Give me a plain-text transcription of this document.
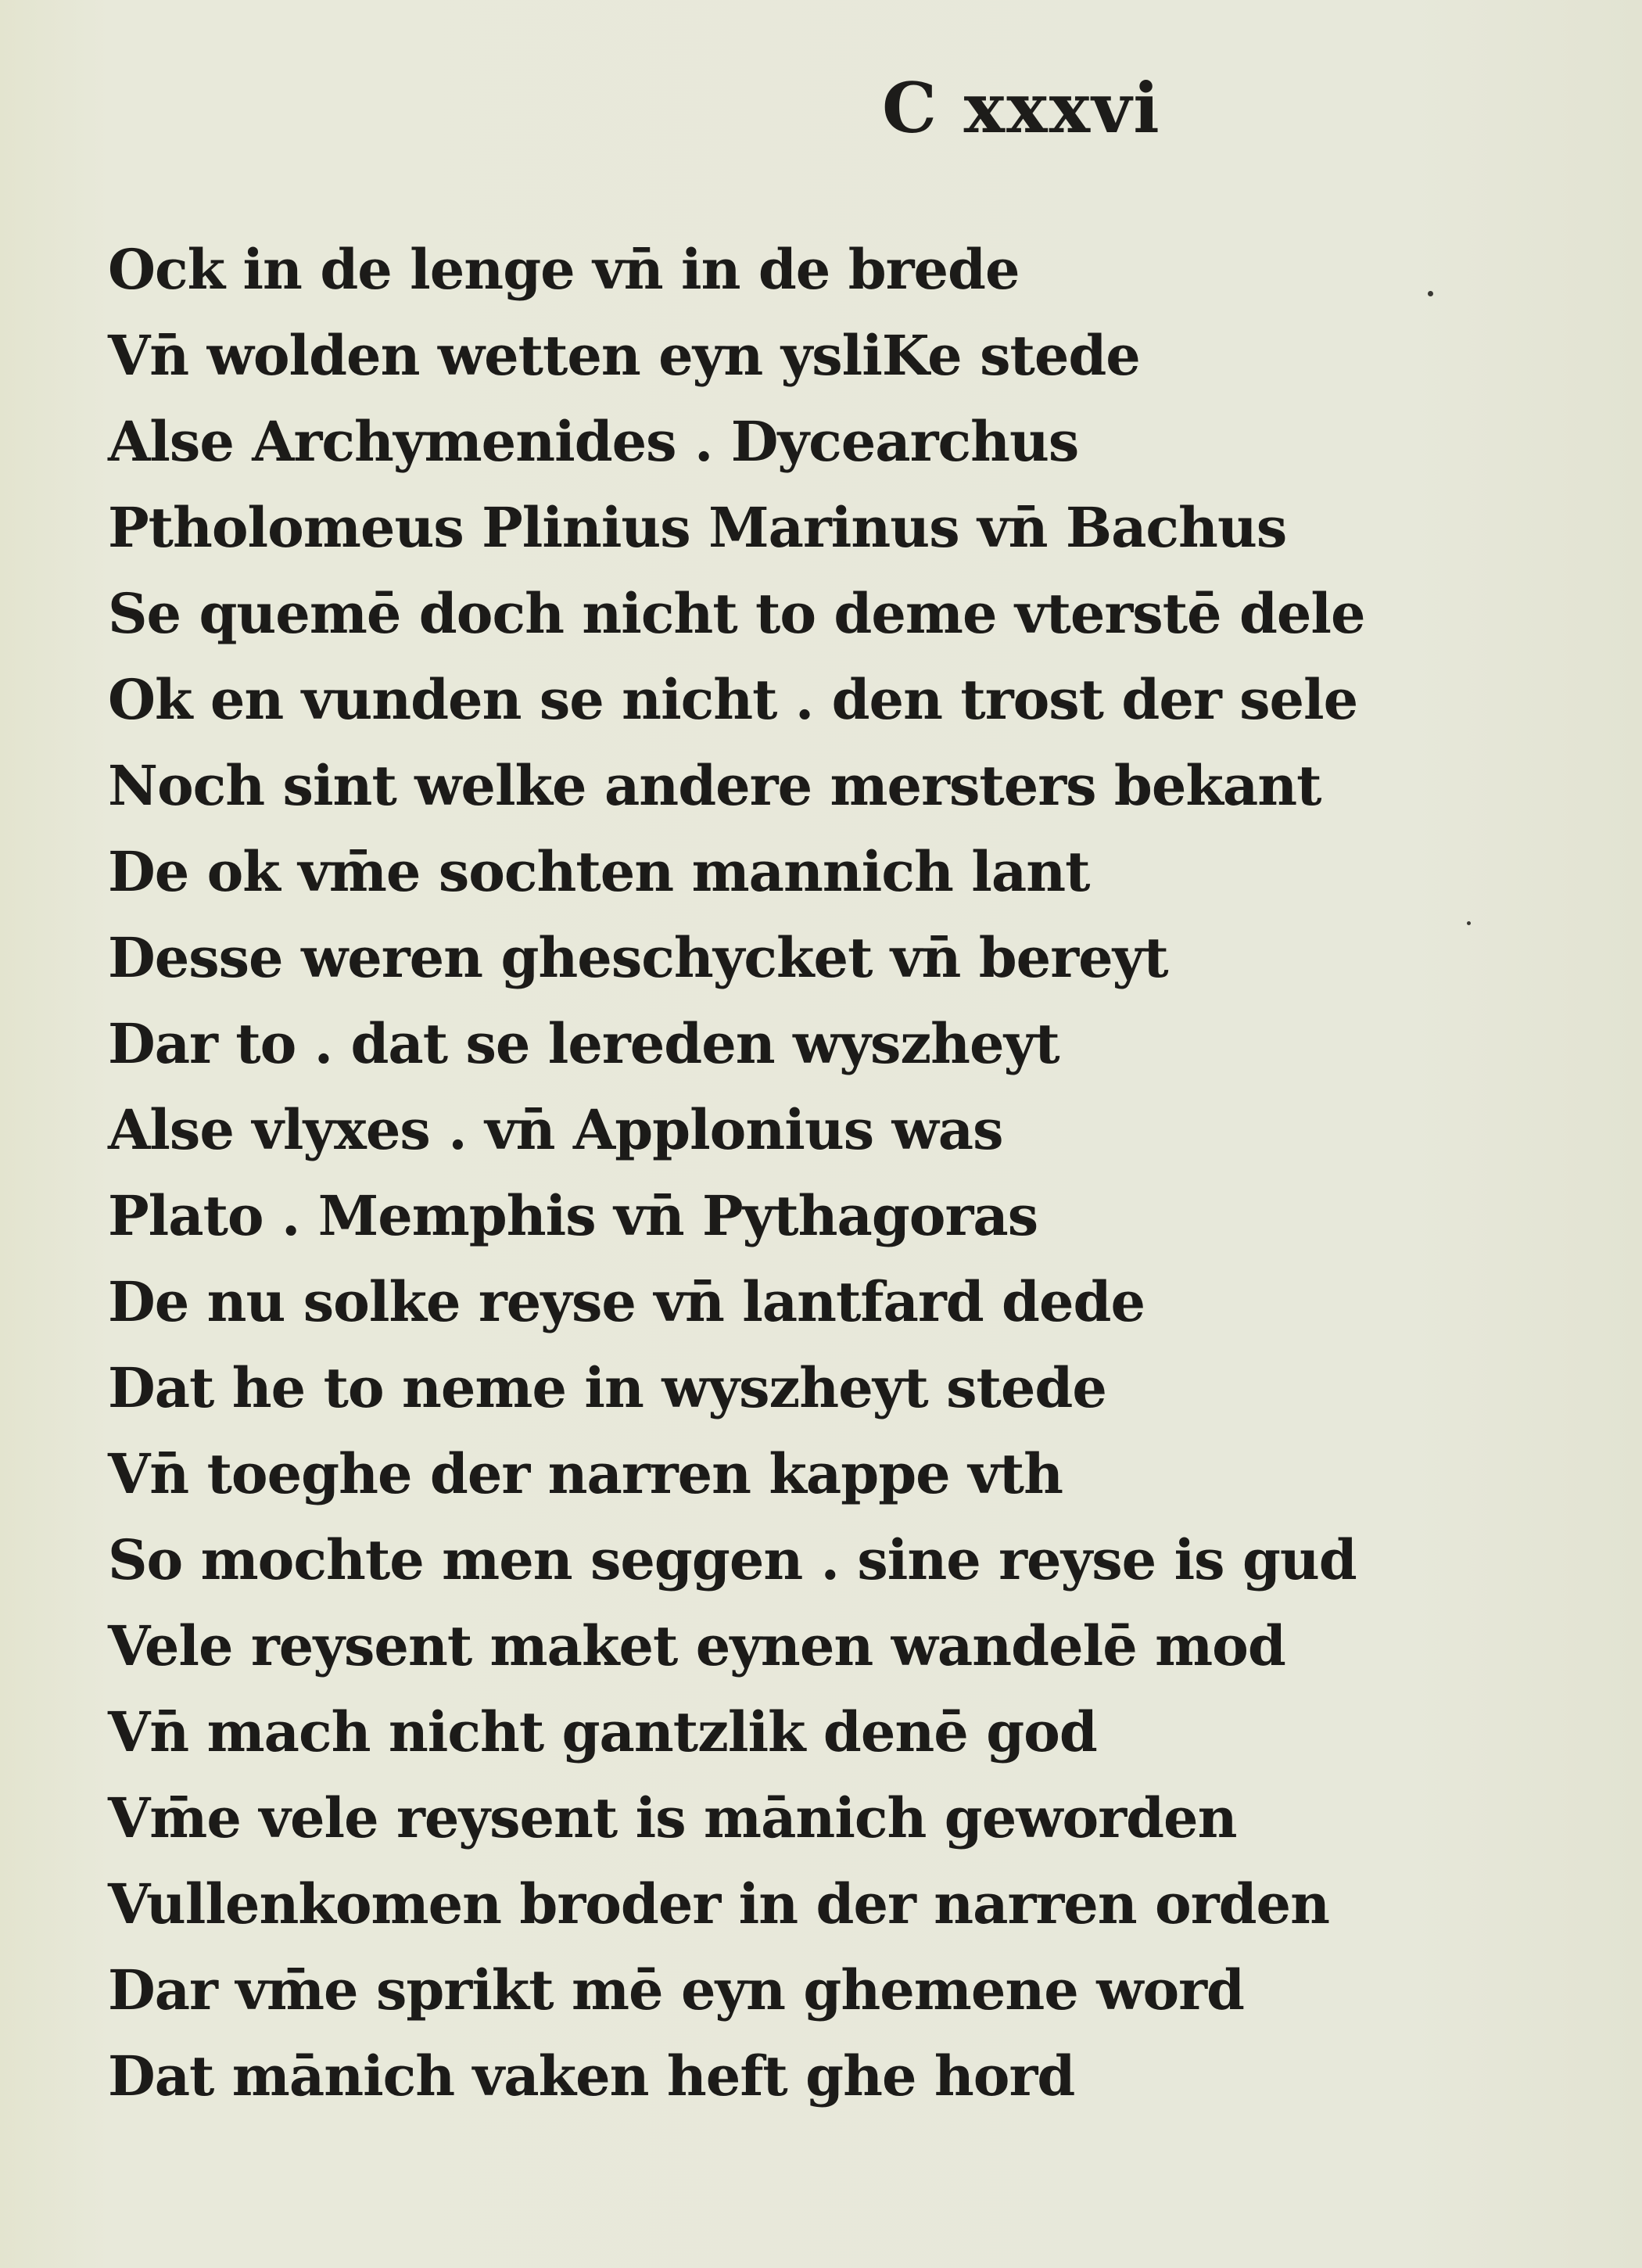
C xxxvi
Ock in de lenge vn̄ in de brede
Vn̄ wolden wetten eyn ysliKe stede
Alse Archymenides . Dycearchus
Ptholomeus Plinius Marinus vn̄ Bachus
Se quemē doch nicht to deme vterstē dele
Ok en vunden se nicht . den trost der sele
Noch sint welke andere mersters bekant
De ok vm̄e sochten mannich lant
Desse weren gheschycket vn̄ bereyt
Dar to . dat se lereden wyszheyt
Alse vlyxes . vn̄ Applonius was
Plato . Memphis vn̄ Pythagoras
De nu solke reyse vn̄ lantfard dede
Dat he to neme in wyszheyt stede
Vn̄ toeghe der narren kappe vth
So mochte men seggen . sine reyse is gud
Vele reysent maket eynen wandelē mod
Vn̄ mach nicht gantzlik denē god
Vm̄e vele reysent is mānich geworden
Vullenkomen broder in der narren orden
Dar vm̄e sprikt mē eyn ghemene word
Dat mānich vaken heft ghe hord
